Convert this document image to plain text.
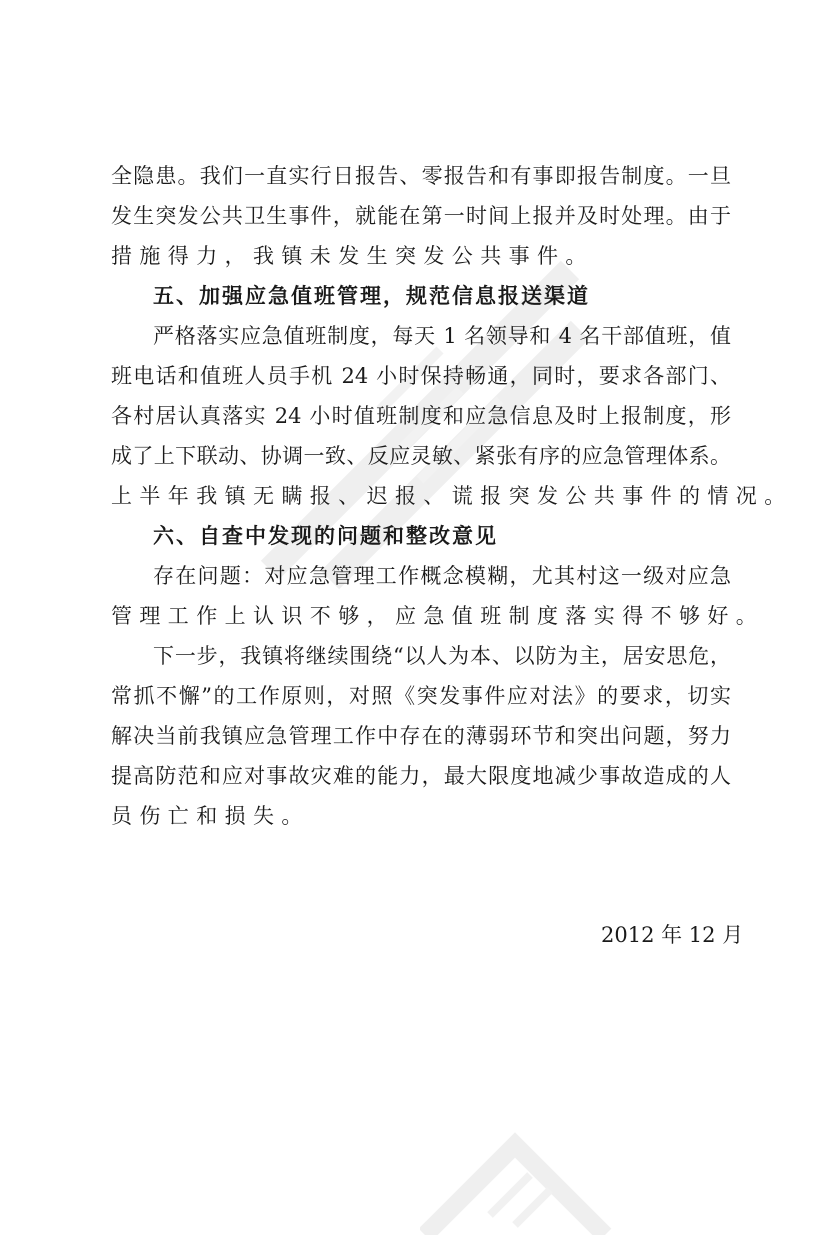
全隐患。我们一直实行日报告、零报告和有事即报告制度。一旦
发生突发公共卫生事件，就能在第一时间上报并及时处理。由于
措施得力，我镇未发生突发公共事件。
五、加强应急值班管理，规范信息报送渠道
严格落实应急值班制度，每天 1 名领导和 4 名干部值班，值
班电话和值班人员手机 24 小时保持畅通，同时，要求各部门、
各村居认真落实 24 小时值班制度和应急信息及时上报制度，形
成了上下联动、协调一致、反应灵敏、紧张有序的应急管理体系。
上半年我镇无瞒报、迟报、谎报突发公共事件的情况。
六、自查中发现的问题和整改意见
存在问题：对应急管理工作概念模糊，尤其村这一级对应急
管理工作上认识不够，应急值班制度落实得不够好。
下一步，我镇将继续围绕“以人为本、以防为主，居安思危，
常抓不懈”的工作原则，对照《突发事件应对法》的要求，切实
解决当前我镇应急管理工作中存在的薄弱环节和突出问题，努力
提高防范和应对事故灾难的能力，最大限度地减少事故造成的人
员伤亡和损失。
2012 年 12 月
